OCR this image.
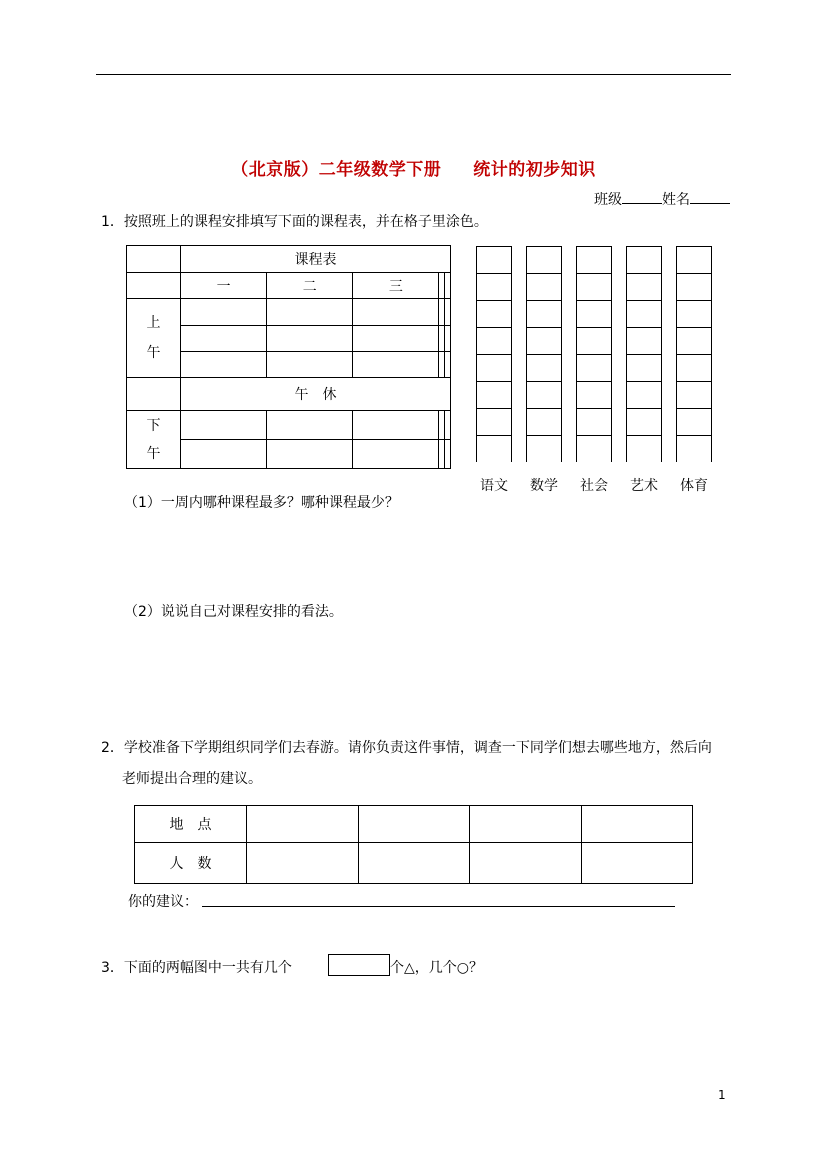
（北京版）二年级数学下册     统计的初步知识
班级	姓名
1．按照班上的课程安排填写下面的课程表，并在格子里涂色。
	课程表				
	一	二	三		

上
午					

	午　休				

下
午					

语文	数学	社会	艺术	体育
（1）一周内哪种课程最多？哪种课程最少？
（2）说说自己对课程安排的看法。
2．学校准备下学期组织同学们去春游。请你负责这件事情，调查一下同学们想去哪些地方，然后向
老师提出合理的建议。
地　点				
人　数				
你的建议：
3．下面的两幅图中一共有几个	个△，几个○？
1
